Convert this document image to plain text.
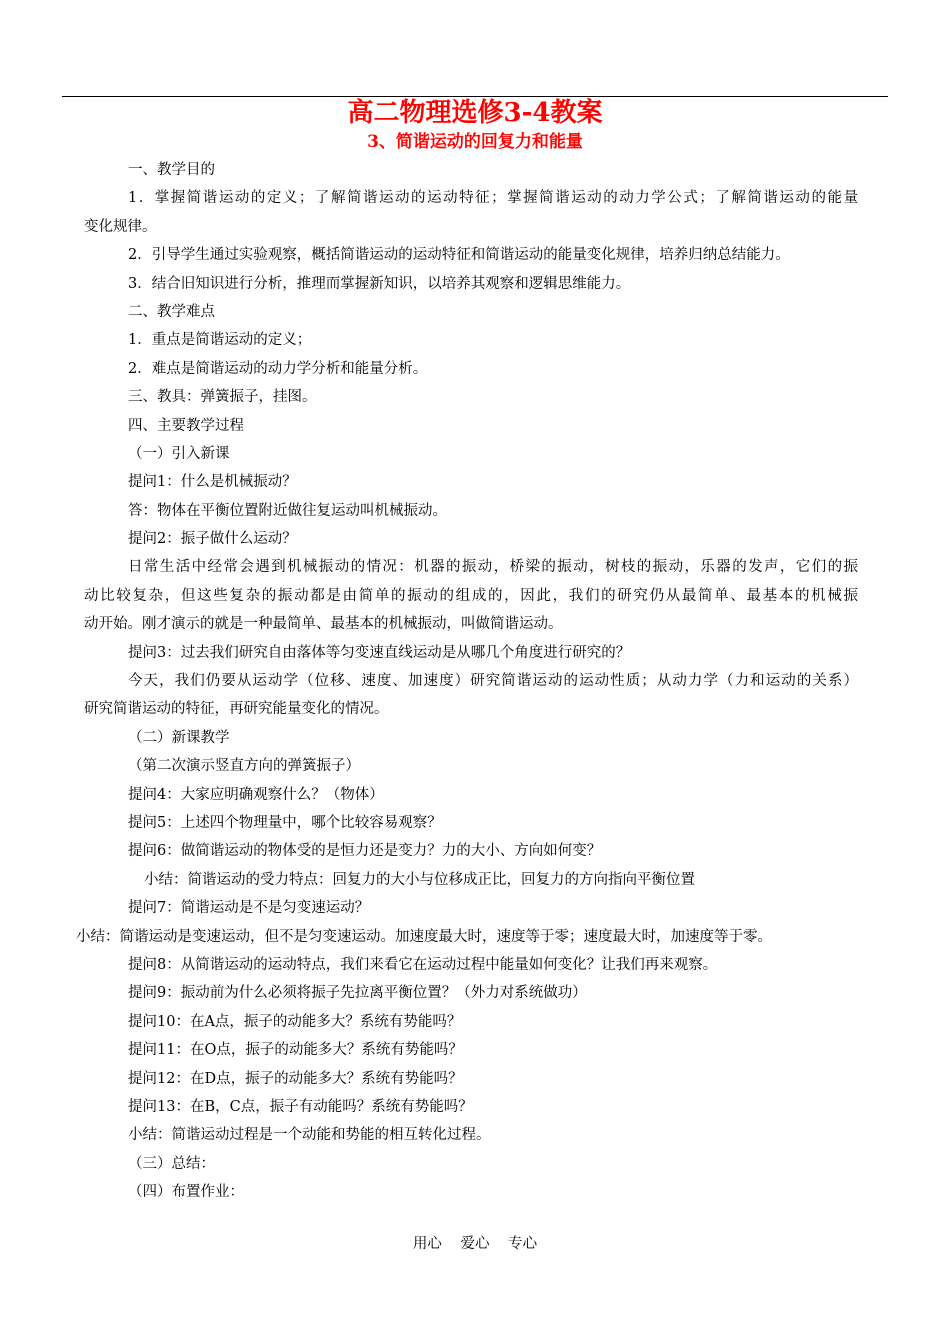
高二物理选修3-4教案
3、简谐运动的回复力和能量
一、教学目的
1．掌握简谐运动的定义；了解简谐运动的运动特征；掌握简谐运动的动力学公式；了解简谐运动的能量
变化规律。
2．引导学生通过实验观察，概括简谐运动的运动特征和简谐运动的能量变化规律，培养归纳总结能力。
3．结合旧知识进行分析，推理而掌握新知识，以培养其观察和逻辑思维能力。
二、教学难点
1．重点是简谐运动的定义；
2．难点是简谐运动的动力学分析和能量分析。
三、教具：弹簧振子，挂图。
四、主要教学过程
（一）引入新课
提问1：什么是机械振动？
答：物体在平衡位置附近做往复运动叫机械振动。
提问2：振子做什么运动？
日常生活中经常会遇到机械振动的情况：机器的振动，桥梁的振动，树枝的振动，乐器的发声，它们的振
动比较复杂，但这些复杂的振动都是由简单的振动的组成的，因此，我们的研究仍从最简单、最基本的机械振
动开始。刚才演示的就是一种最简单、最基本的机械振动，叫做简谐运动。
提问3：过去我们研究自由落体等匀变速直线运动是从哪几个角度进行研究的？
今天，我们仍要从运动学（位移、速度、加速度）研究简谐运动的运动性质；从动力学（力和运动的关系）
研究简谐运动的特征，再研究能量变化的情况。
（二）新课教学
（第二次演示竖直方向的弹簧振子）
提问4：大家应明确观察什么？（物体）
提问5：上述四个物理量中，哪个比较容易观察？
提问6：做简谐运动的物体受的是恒力还是变力？力的大小、方向如何变？
小结：简谐运动的受力特点：回复力的大小与位移成正比，回复力的方向指向平衡位置
提问7：简谐运动是不是匀变速运动？
小结：简谐运动是变速运动，但不是匀变速运动。加速度最大时，速度等于零；速度最大时，加速度等于零。
提问8：从简谐运动的运动特点，我们来看它在运动过程中能量如何变化？让我们再来观察。
提问9：振动前为什么必须将振子先拉离平衡位置？（外力对系统做功）
提问10：在A点，振子的动能多大？系统有势能吗？
提问11：在O点，振子的动能多大？系统有势能吗？
提问12：在D点，振子的动能多大？系统有势能吗？
提问13：在B，C点，振子有动能吗？系统有势能吗？
小结：简谐运动过程是一个动能和势能的相互转化过程。
（三）总结：
（四）布置作业：
用心 爱心 专心
